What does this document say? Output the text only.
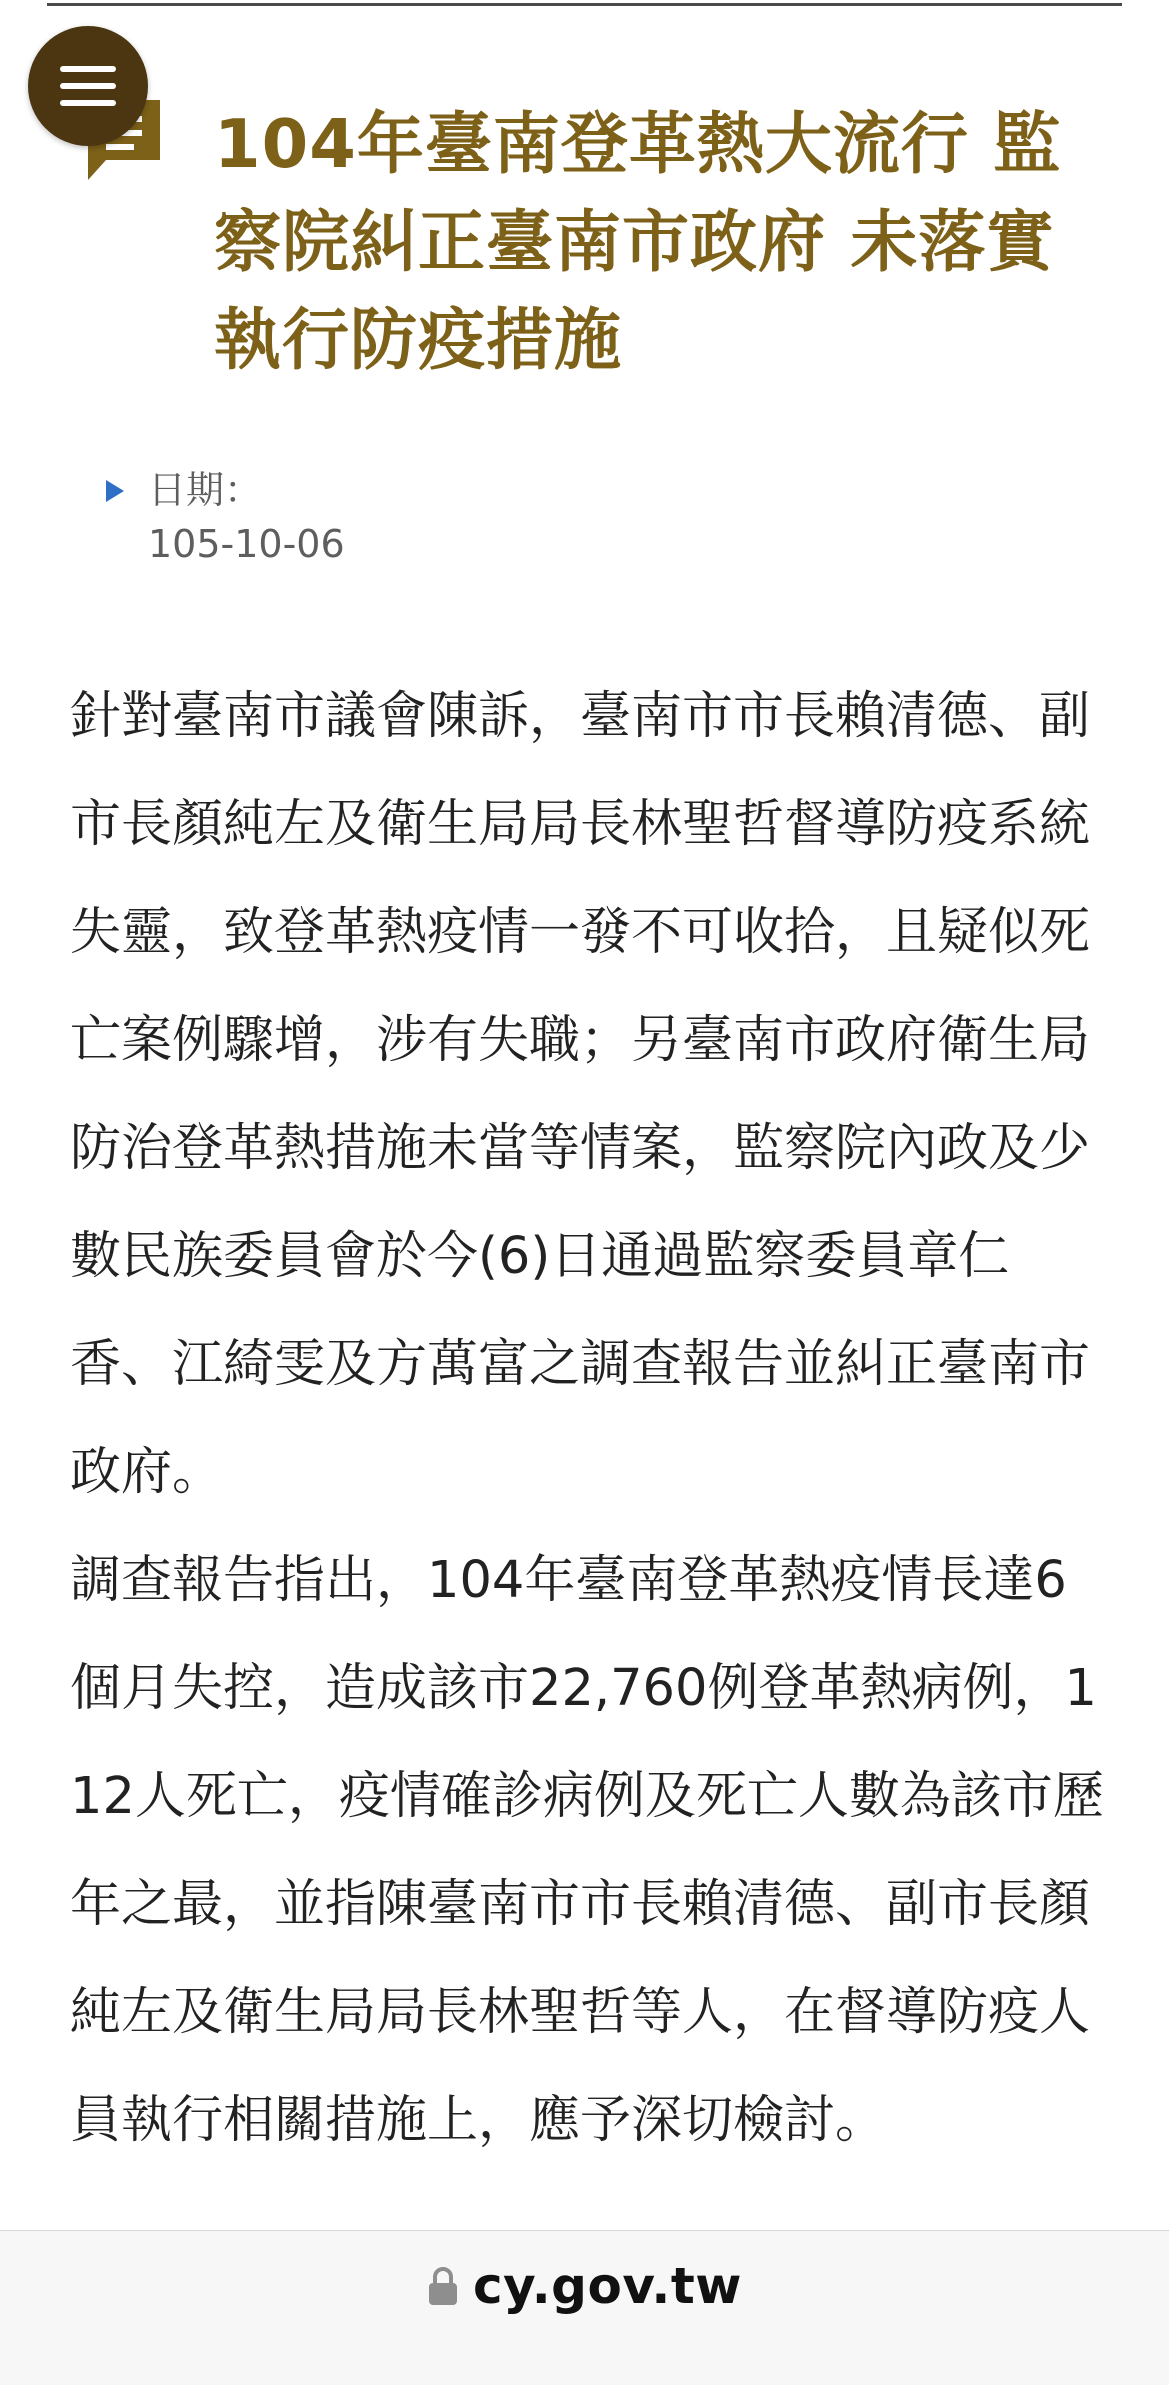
104年臺南登革熱大流行 監察院糾正臺南市政府 未落實執行防疫措施
日期：
105-10-06

針對臺南市議會陳訴，臺南市市長賴清德、副市長顏純左及衛生局局長林聖哲督導防疫系統失靈，致登革熱疫情一發不可收拾，且疑似死亡案例驟增，涉有失職；另臺南市政府衛生局防治登革熱措施未當等情案，監察院內政及少數民族委員會於今(6)日通過監察委員章仁香、江綺雯及方萬富之調查報告並糾正臺南市政府。

調查報告指出，104年臺南登革熱疫情長達6個月失控，造成該市22,760例登革熱病例，112人死亡，疫情確診病例及死亡人數為該市歷年之最，並指陳臺南市市長賴清德、副市長顏純左及衛生局局長林聖哲等人，在督導防疫人員執行相關措施上，應予深切檢討。

cy.gov.tw
